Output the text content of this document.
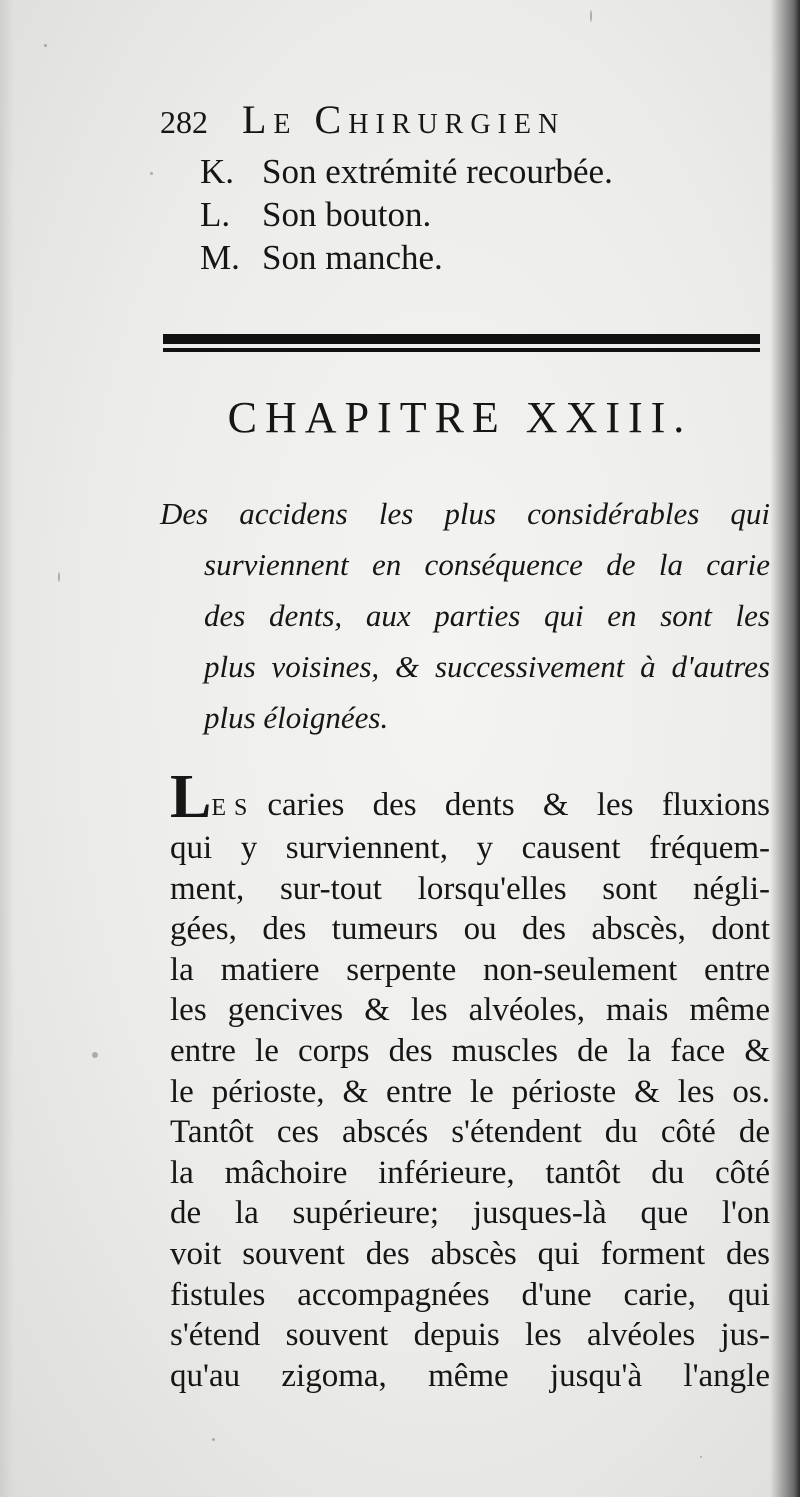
282 Le Chirurgien
K. Son extrémité recourbée.
L. Son bouton.
M. Son manche.
CHAPITRE XXIII.
Des accidens les plus considérables qui
surviennent en conséquence de la carie
des dents, aux parties qui en sont les
plus voisines, & successivement à d'autres
plus éloignées.
LES caries des dents & les fluxions
qui y surviennent, y causent fréquem-
ment, sur-tout lorsqu'elles sont négli-
gées, des tumeurs ou des abscès, dont
la matiere serpente non-seulement entre
les gencives & les alvéoles, mais même
entre le corps des muscles de la face &
le périoste, & entre le périoste & les os.
Tantôt ces abscés s'étendent du côté de
la mâchoire inférieure, tantôt du côté
de la supérieure; jusques-là que l'on
voit souvent des abscès qui forment des
fistules accompagnées d'une carie, qui
s'étend souvent depuis les alvéoles jus-
qu'au zigoma, même jusqu'à l'angle
